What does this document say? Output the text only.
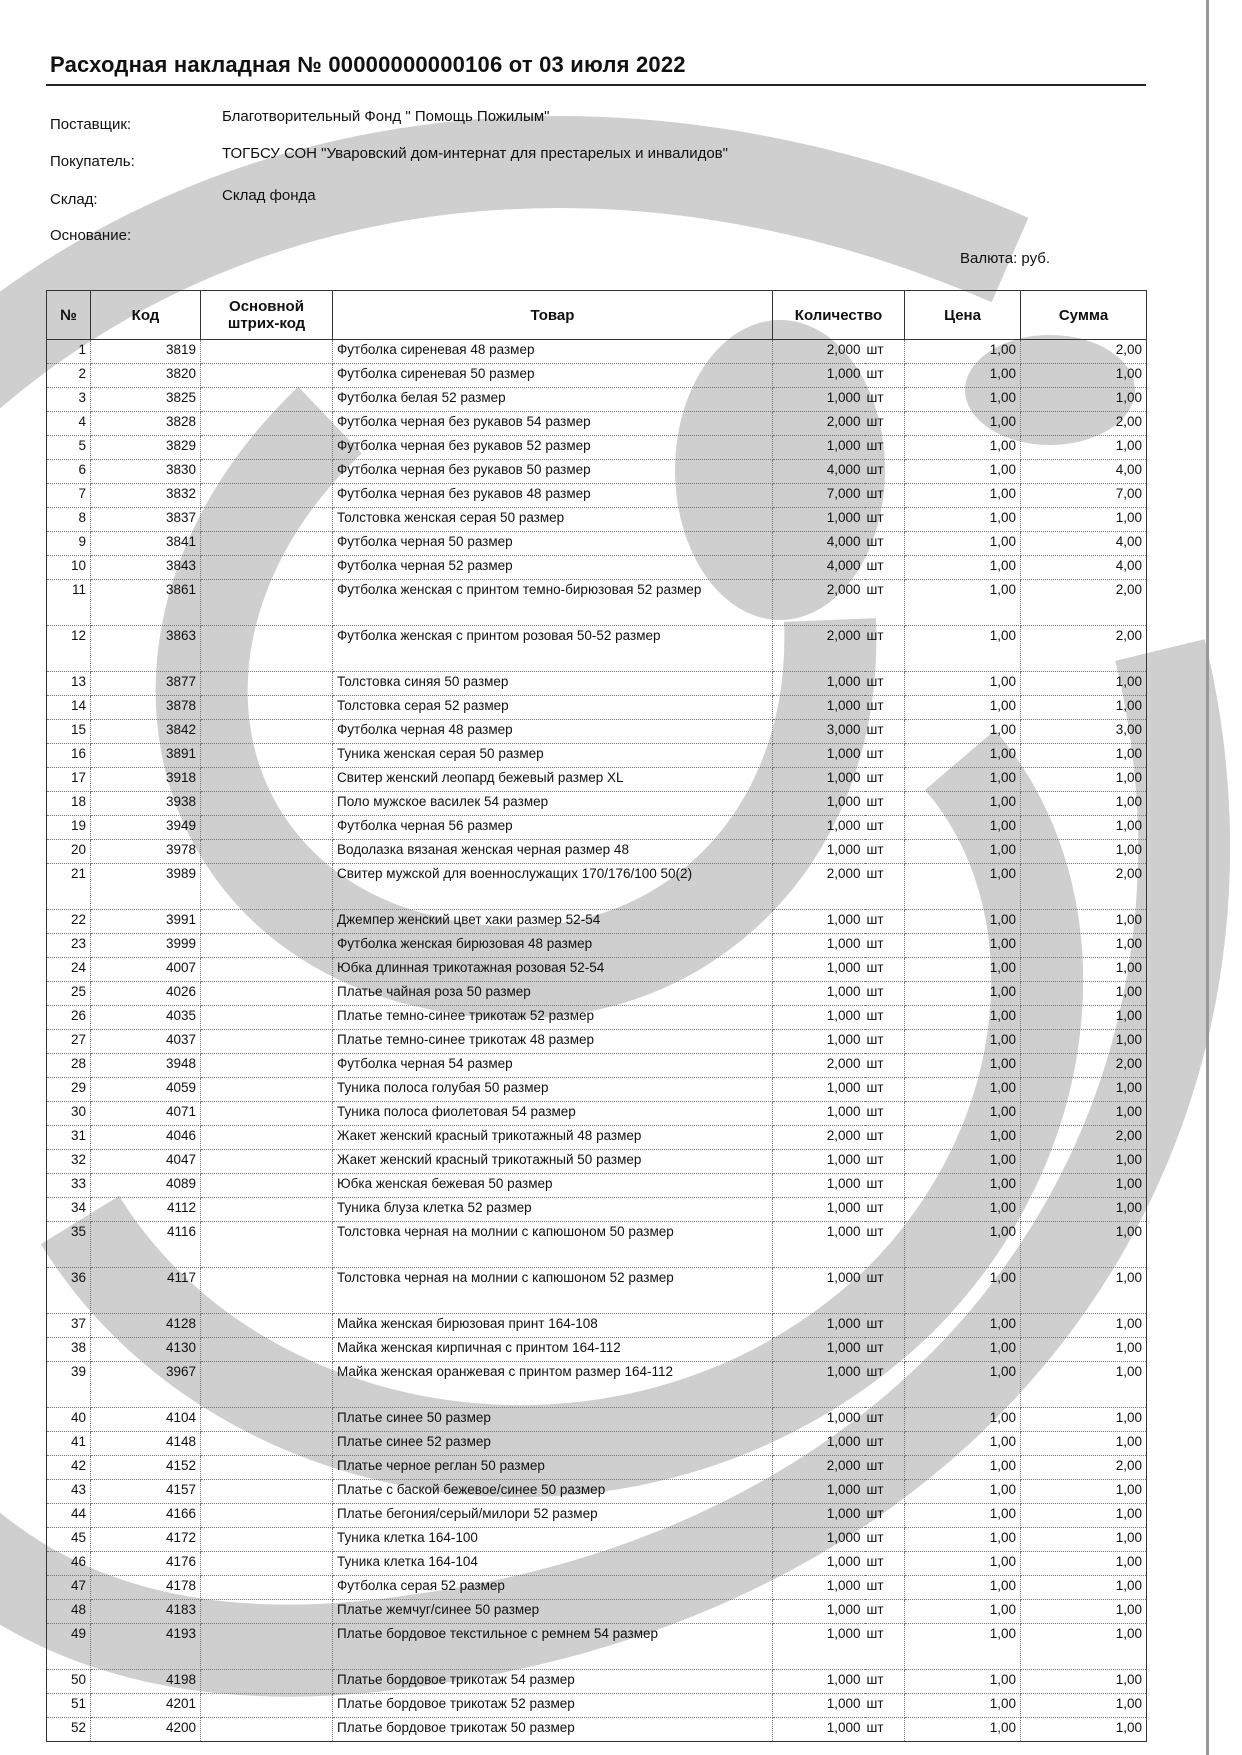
Расходная накладная № 00000000000106 от 03 июля 2022
Поставщик:	Благотворительный Фонд " Помощь Пожилым"
Покупатель:	ТОГБСУ СОН "Уваровский дом-интернат для престарелых и инвалидов"
Склад:	Склад фонда
Основание:
Валюта: руб.
№	Код	Основной штрих-код	Товар	Количество		Цена	Сумма
1	3819		Футболка сиреневая 48 размер	2,000	шт	1,00	2,00
2	3820		Футболка сиреневая 50 размер	1,000	шт	1,00	1,00
3	3825		Футболка белая 52 размер	1,000	шт	1,00	1,00
4	3828		Футболка черная без рукавов 54 размер	2,000	шт	1,00	2,00
5	3829		Футболка черная без рукавов 52 размер	1,000	шт	1,00	1,00
6	3830		Футболка черная без рукавов 50 размер	4,000	шт	1,00	4,00
7	3832		Футболка черная без рукавов 48 размер	7,000	шт	1,00	7,00
8	3837		Толстовка женская серая 50 размер	1,000	шт	1,00	1,00
9	3841		Футболка черная 50 размер	4,000	шт	1,00	4,00
10	3843		Футболка черная 52 размер	4,000	шт	1,00	4,00
11	3861		Футболка женская с принтом темно-бирюзовая 52 размер	2,000	шт	1,00	2,00
12	3863		Футболка женская с принтом розовая 50-52 размер	2,000	шт	1,00	2,00
13	3877		Толстовка синяя 50 размер	1,000	шт	1,00	1,00
14	3878		Толстовка серая 52 размер	1,000	шт	1,00	1,00
15	3842		Футболка черная 48 размер	3,000	шт	1,00	3,00
16	3891		Туника женская серая 50 размер	1,000	шт	1,00	1,00
17	3918		Свитер женский леопард бежевый размер XL	1,000	шт	1,00	1,00
18	3938		Поло мужское василек 54 размер	1,000	шт	1,00	1,00
19	3949		Футболка черная 56 размер	1,000	шт	1,00	1,00
20	3978		Водолазка вязаная женская черная размер 48	1,000	шт	1,00	1,00
21	3989		Свитер мужской для военнослужащих 170/176/100 50(2)	2,000	шт	1,00	2,00
22	3991		Джемпер женский цвет хаки размер 52-54	1,000	шт	1,00	1,00
23	3999		Футболка женская бирюзовая 48 размер	1,000	шт	1,00	1,00
24	4007		Юбка длинная трикотажная розовая 52-54	1,000	шт	1,00	1,00
25	4026		Платье чайная роза 50 размер	1,000	шт	1,00	1,00
26	4035		Платье темно-синее трикотаж 52 размер	1,000	шт	1,00	1,00
27	4037		Платье темно-синее трикотаж 48 размер	1,000	шт	1,00	1,00
28	3948		Футболка черная 54 размер	2,000	шт	1,00	2,00
29	4059		Туника полоса голубая 50 размер	1,000	шт	1,00	1,00
30	4071		Туника полоса фиолетовая 54 размер	1,000	шт	1,00	1,00
31	4046		Жакет женский красный трикотажный 48 размер	2,000	шт	1,00	2,00
32	4047		Жакет женский красный трикотажный 50 размер	1,000	шт	1,00	1,00
33	4089		Юбка женская бежевая 50 размер	1,000	шт	1,00	1,00
34	4112		Туника блуза клетка 52 размер	1,000	шт	1,00	1,00
35	4116		Толстовка черная на молнии с капюшоном 50 размер	1,000	шт	1,00	1,00
36	4117		Толстовка черная на молнии с капюшоном 52 размер	1,000	шт	1,00	1,00
37	4128		Майка женская бирюзовая принт 164-108	1,000	шт	1,00	1,00
38	4130		Майка женская кирпичная с принтом 164-112	1,000	шт	1,00	1,00
39	3967		Майка женская оранжевая с принтом размер 164-112	1,000	шт	1,00	1,00
40	4104		Платье синее 50 размер	1,000	шт	1,00	1,00
41	4148		Платье синее 52 размер	1,000	шт	1,00	1,00
42	4152		Платье черное реглан 50 размер	2,000	шт	1,00	2,00
43	4157		Платье с баской бежевое/синее 50 размер	1,000	шт	1,00	1,00
44	4166		Платье бегония/серый/милори 52 размер	1,000	шт	1,00	1,00
45	4172		Туника клетка 164-100	1,000	шт	1,00	1,00
46	4176		Туника клетка 164-104	1,000	шт	1,00	1,00
47	4178		Футболка серая 52 размер	1,000	шт	1,00	1,00
48	4183		Платье жемчуг/синее 50 размер	1,000	шт	1,00	1,00
49	4193		Платье бордовое текстильное с ремнем 54 размер	1,000	шт	1,00	1,00
50	4198		Платье бордовое трикотаж 54 размер	1,000	шт	1,00	1,00
51	4201		Платье бордовое трикотаж 52 размер	1,000	шт	1,00	1,00
52	4200		Платье бордовое трикотаж 50 размер	1,000	шт	1,00	1,00
